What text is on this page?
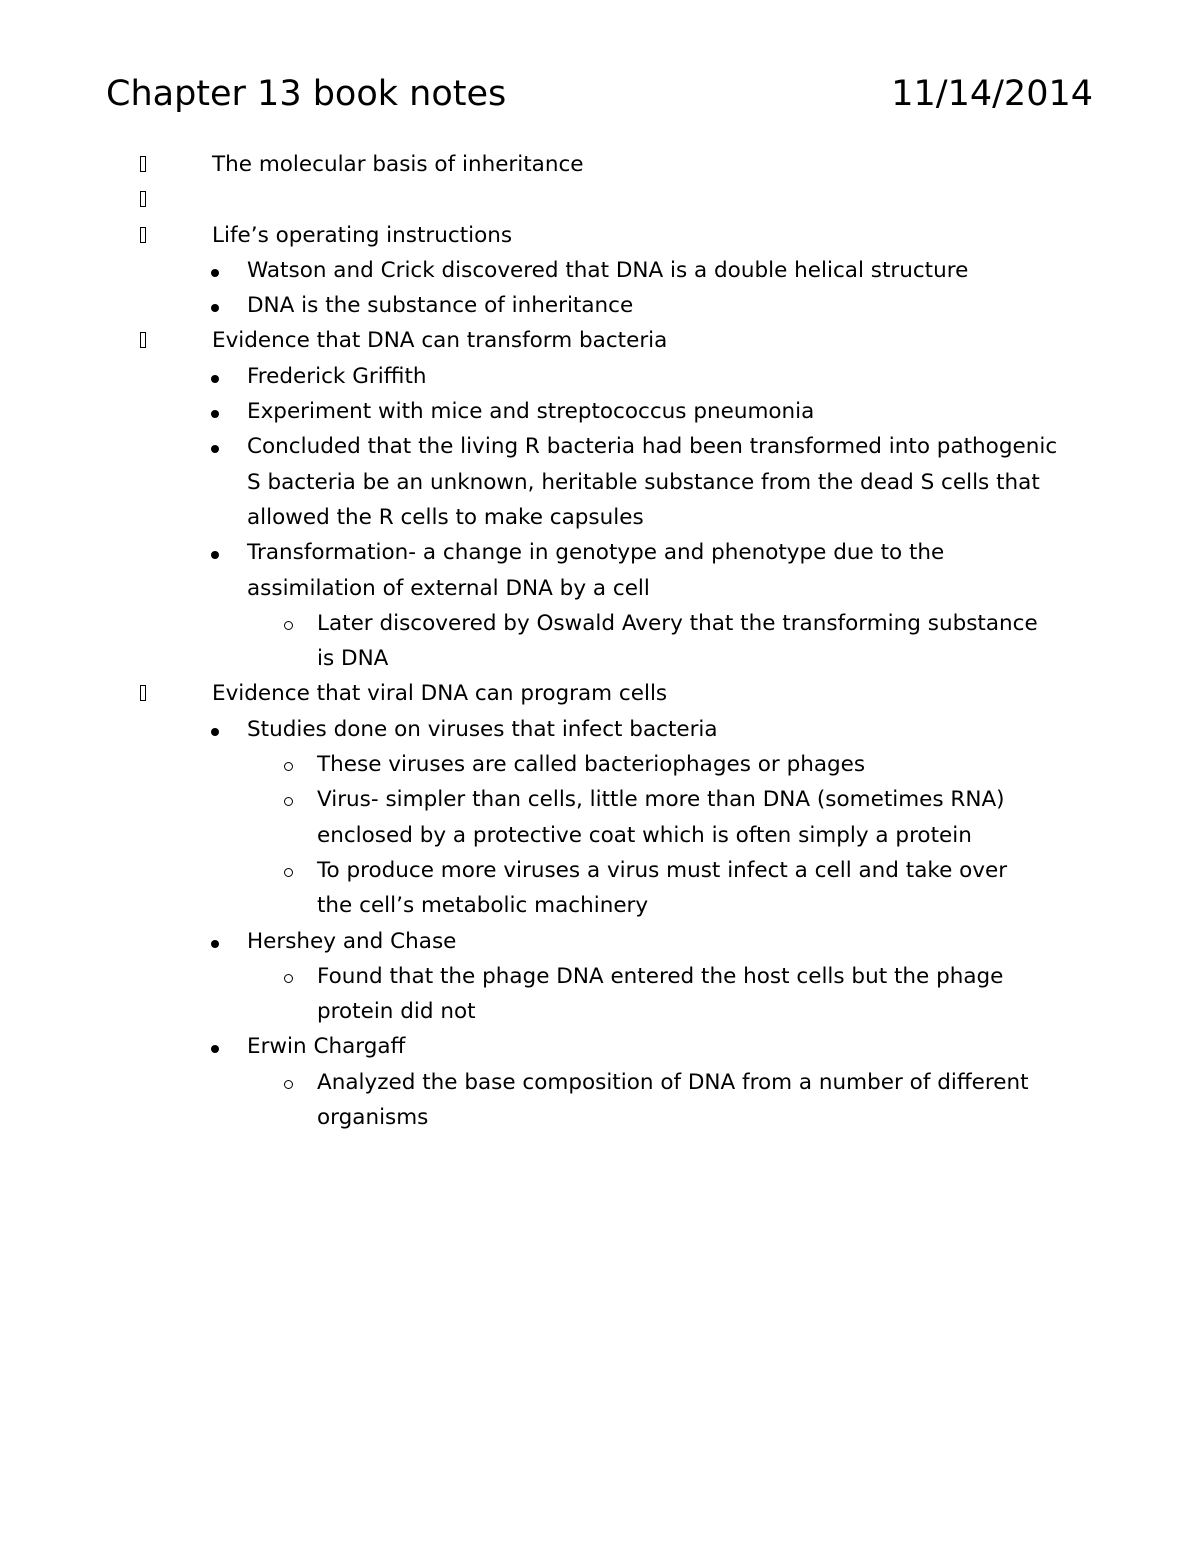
Chapter 13 book notes	11/14/2014
The molecular basis of inheritance
Life’s operating instructions
Watson and Crick discovered that DNA is a double helical structure
DNA is the substance of inheritance
Evidence that DNA can transform bacteria
Frederick Griffith
Experiment with mice and streptococcus pneumonia
Concluded that the living R bacteria had been transformed into pathogenic S bacteria be an unknown, heritable substance from the dead S cells that allowed the R cells to make capsules
Transformation- a change in genotype and phenotype due to the assimilation of external DNA by a cell
Later discovered by Oswald Avery that the transforming substance is DNA
Evidence that viral DNA can program cells
Studies done on viruses that infect bacteria
These viruses are called bacteriophages or phages
Virus- simpler than cells, little more than DNA (sometimes RNA) enclosed by a protective coat which is often simply a protein
To produce more viruses a virus must infect a cell and take over the cell’s metabolic machinery
Hershey and Chase
Found that the phage DNA entered the host cells but the phage protein did not
Erwin Chargaff
Analyzed the base composition of DNA from a number of different organisms
